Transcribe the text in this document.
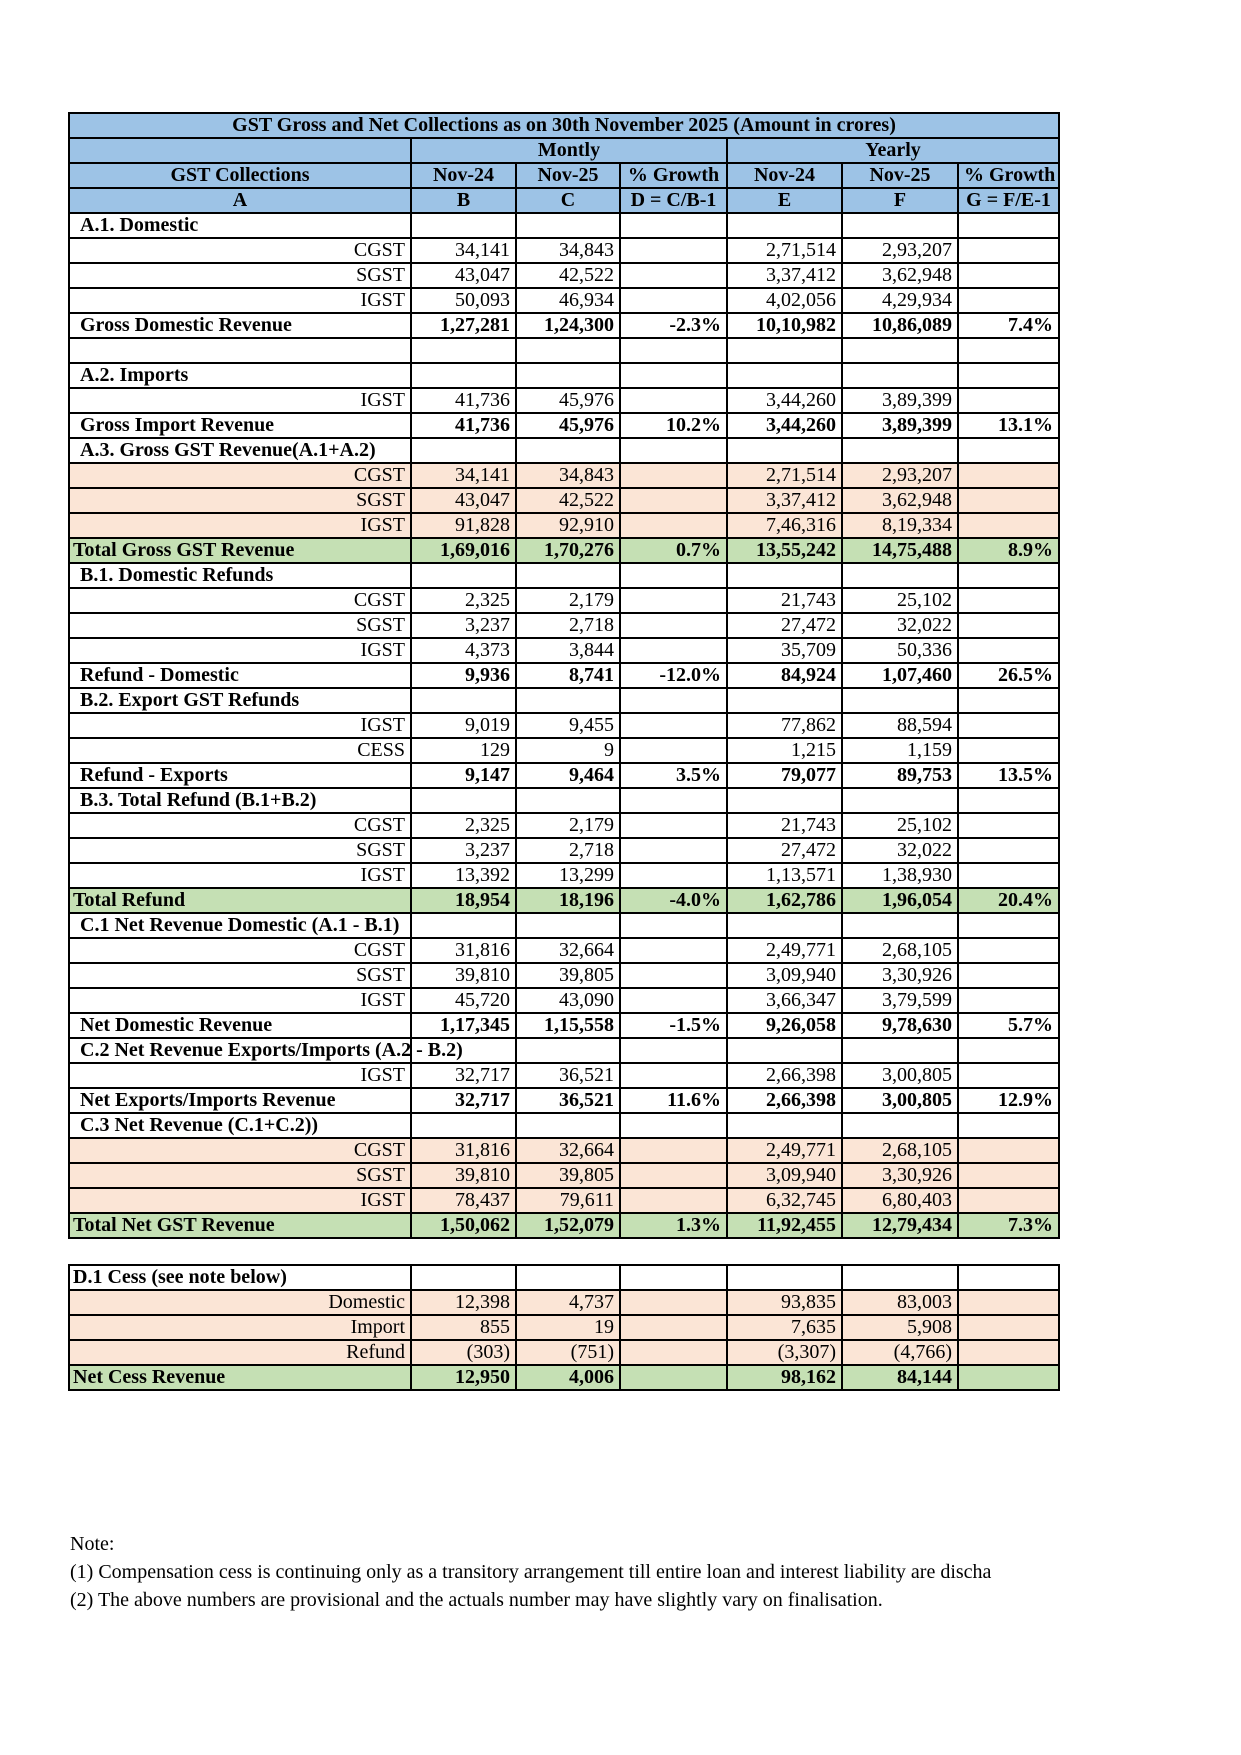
GST Gross and Net Collections as on 30th November 2025 (Amount in crores)						
	Montly			Yearly		
GST Collections	Nov-24	Nov-25	% Growth	Nov-24	Nov-25	% Growth
A	B	C	D = C/B-1	E	F	G = F/E-1
A.1. Domestic						
CGST	34,141	34,843		2,71,514	2,93,207	
SGST	43,047	42,522		3,37,412	3,62,948	
IGST	50,093	46,934		4,02,056	4,29,934	
Gross Domestic Revenue	1,27,281	1,24,300	-2.3%	10,10,982	10,86,089	7.4%

A.2. Imports						
IGST	41,736	45,976		3,44,260	3,89,399	
Gross Import Revenue	41,736	45,976	10.2%	3,44,260	3,89,399	13.1%
A.3. Gross GST Revenue(A.1+A.2)						
CGST	34,141	34,843		2,71,514	2,93,207	
SGST	43,047	42,522		3,37,412	3,62,948	
IGST	91,828	92,910		7,46,316	8,19,334	
Total Gross GST Revenue	1,69,016	1,70,276	0.7%	13,55,242	14,75,488	8.9%
B.1. Domestic Refunds						
CGST	2,325	2,179		21,743	25,102	
SGST	3,237	2,718		27,472	32,022	
IGST	4,373	3,844		35,709	50,336	
Refund - Domestic	9,936	8,741	-12.0%	84,924	1,07,460	26.5%
B.2. Export GST Refunds						
IGST	9,019	9,455		77,862	88,594	
CESS	129	9		1,215	1,159	
Refund - Exports	9,147	9,464	3.5%	79,077	89,753	13.5%
B.3. Total Refund (B.1+B.2)						
CGST	2,325	2,179		21,743	25,102	
SGST	3,237	2,718		27,472	32,022	
IGST	13,392	13,299		1,13,571	1,38,930	
Total Refund	18,954	18,196	-4.0%	1,62,786	1,96,054	20.4%
C.1 Net Revenue Domestic (A.1 - B.1)						
CGST	31,816	32,664		2,49,771	2,68,105	
SGST	39,810	39,805		3,09,940	3,30,926	
IGST	45,720	43,090		3,66,347	3,79,599	
Net Domestic Revenue	1,17,345	1,15,558	-1.5%	9,26,058	9,78,630	5.7%
C.2 Net Revenue Exports/Imports (A.2 - B.2)						
IGST	32,717	36,521		2,66,398	3,00,805	
Net Exports/Imports Revenue	32,717	36,521	11.6%	2,66,398	3,00,805	12.9%
C.3 Net Revenue (C.1+C.2))						
CGST	31,816	32,664		2,49,771	2,68,105	
SGST	39,810	39,805		3,09,940	3,30,926	
IGST	78,437	79,611		6,32,745	6,80,403	
Total Net GST Revenue	1,50,062	1,52,079	1.3%	11,92,455	12,79,434	7.3%
D.1 Cess (see note below)						
Domestic	12,398	4,737		93,835	83,003	
Import	855	19		7,635	5,908	
Refund	(303)	(751)		(3,307)	(4,766)	
Net Cess Revenue	12,950	4,006		98,162	84,144	
Note:
(1) Compensation cess is continuing only as a transitory arrangement till entire loan and interest liability are discha
(2) The above numbers are provisional and the actuals number may have slightly vary on finalisation.
